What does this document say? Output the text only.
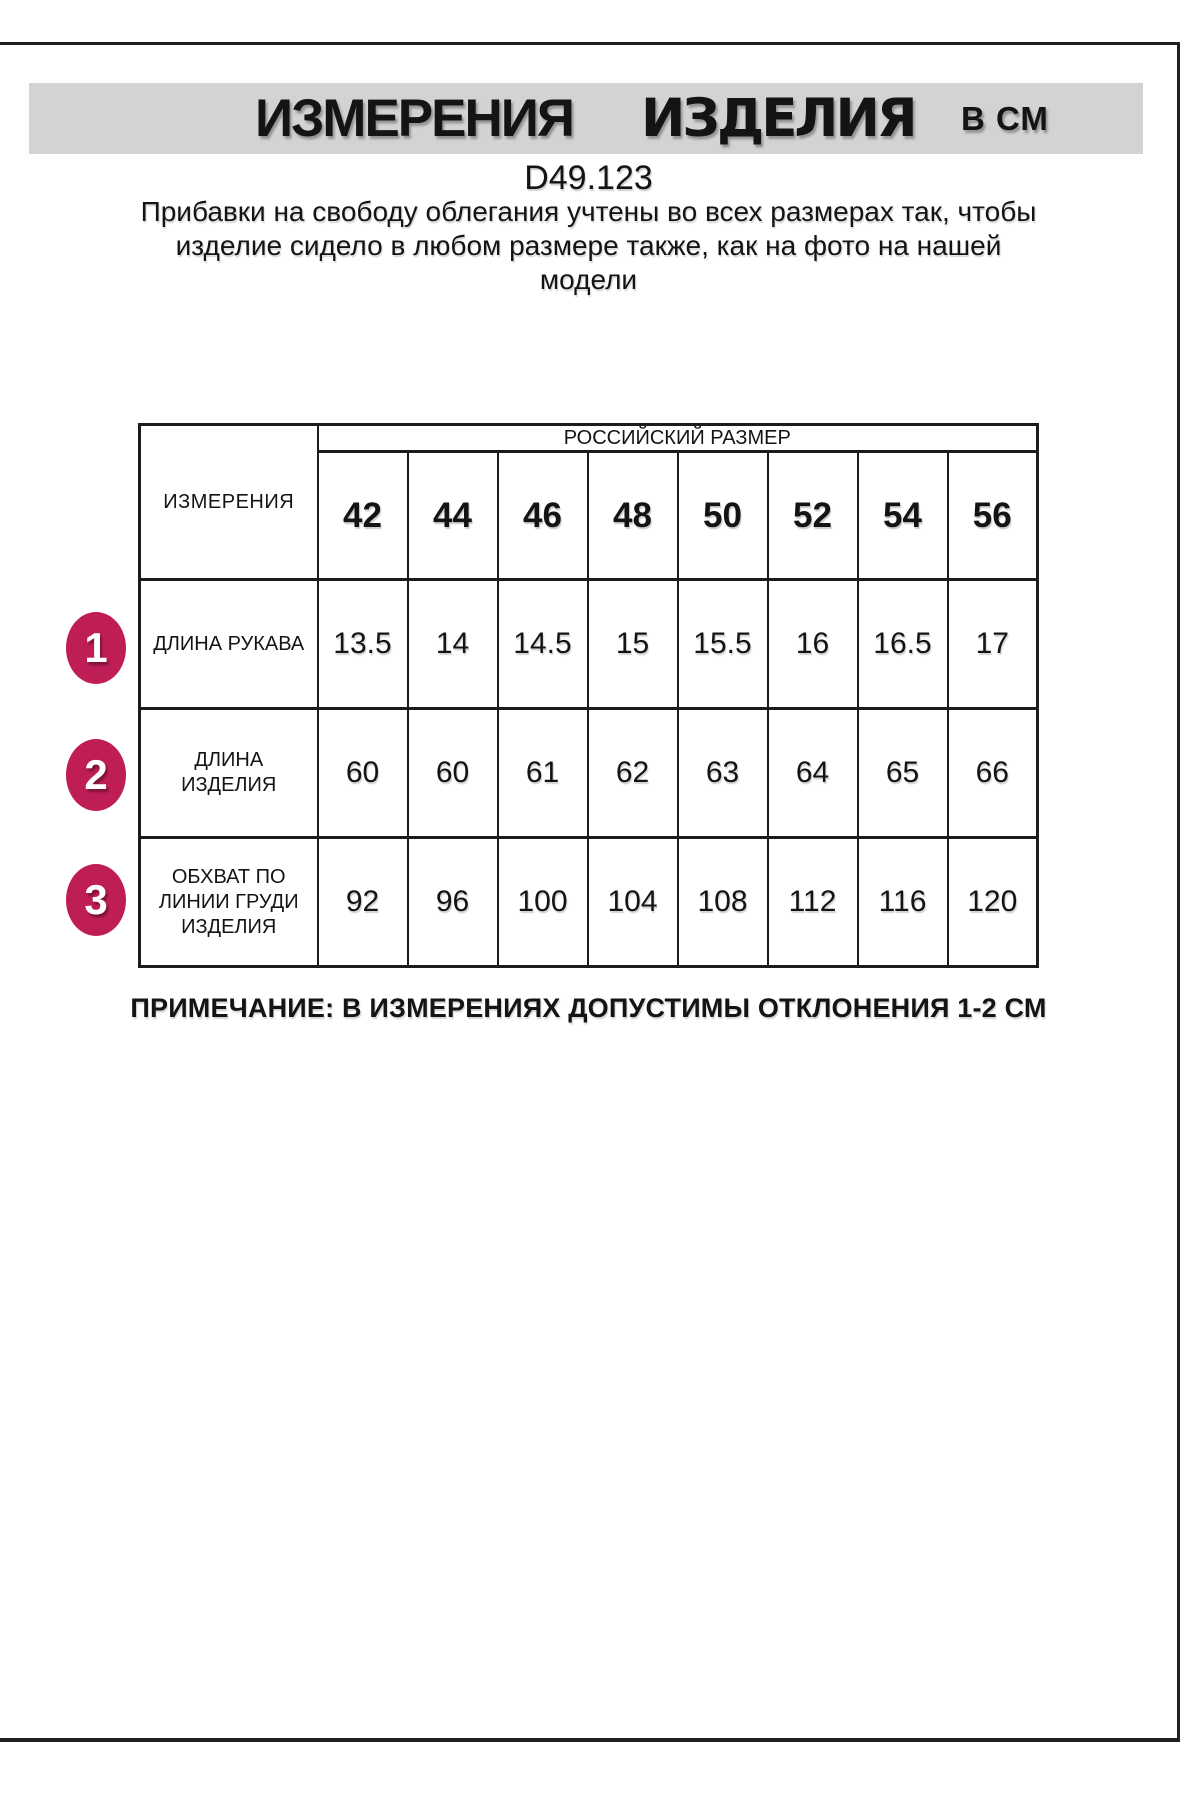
ИЗМЕРЕНИЯ ИЗДЕЛИЯ В СМ
D49.123
Прибавки на свободу облегания учтены во всех размерах так, чтобы
изделие сидело в любом размере также, как на фото на нашей
модели
ИЗМЕРЕНИЯ	РОССИЙСКИЙ РАЗМЕР							
	42	44	46	48	50	52	54	56
ДЛИНА РУКАВА	13.5	14	14.5	15	15.5	16	16.5	17
ДЛИНА
ИЗДЕЛИЯ	60	60	61	62	63	64	65	66
ОБХВАТ ПО
ЛИНИИ ГРУДИ
ИЗДЕЛИЯ	92	96	100	104	108	112	116	120
1
2
3
ПРИМЕЧАНИЕ: В ИЗМЕРЕНИЯХ ДОПУСТИМЫ ОТКЛОНЕНИЯ 1-2 СМ
